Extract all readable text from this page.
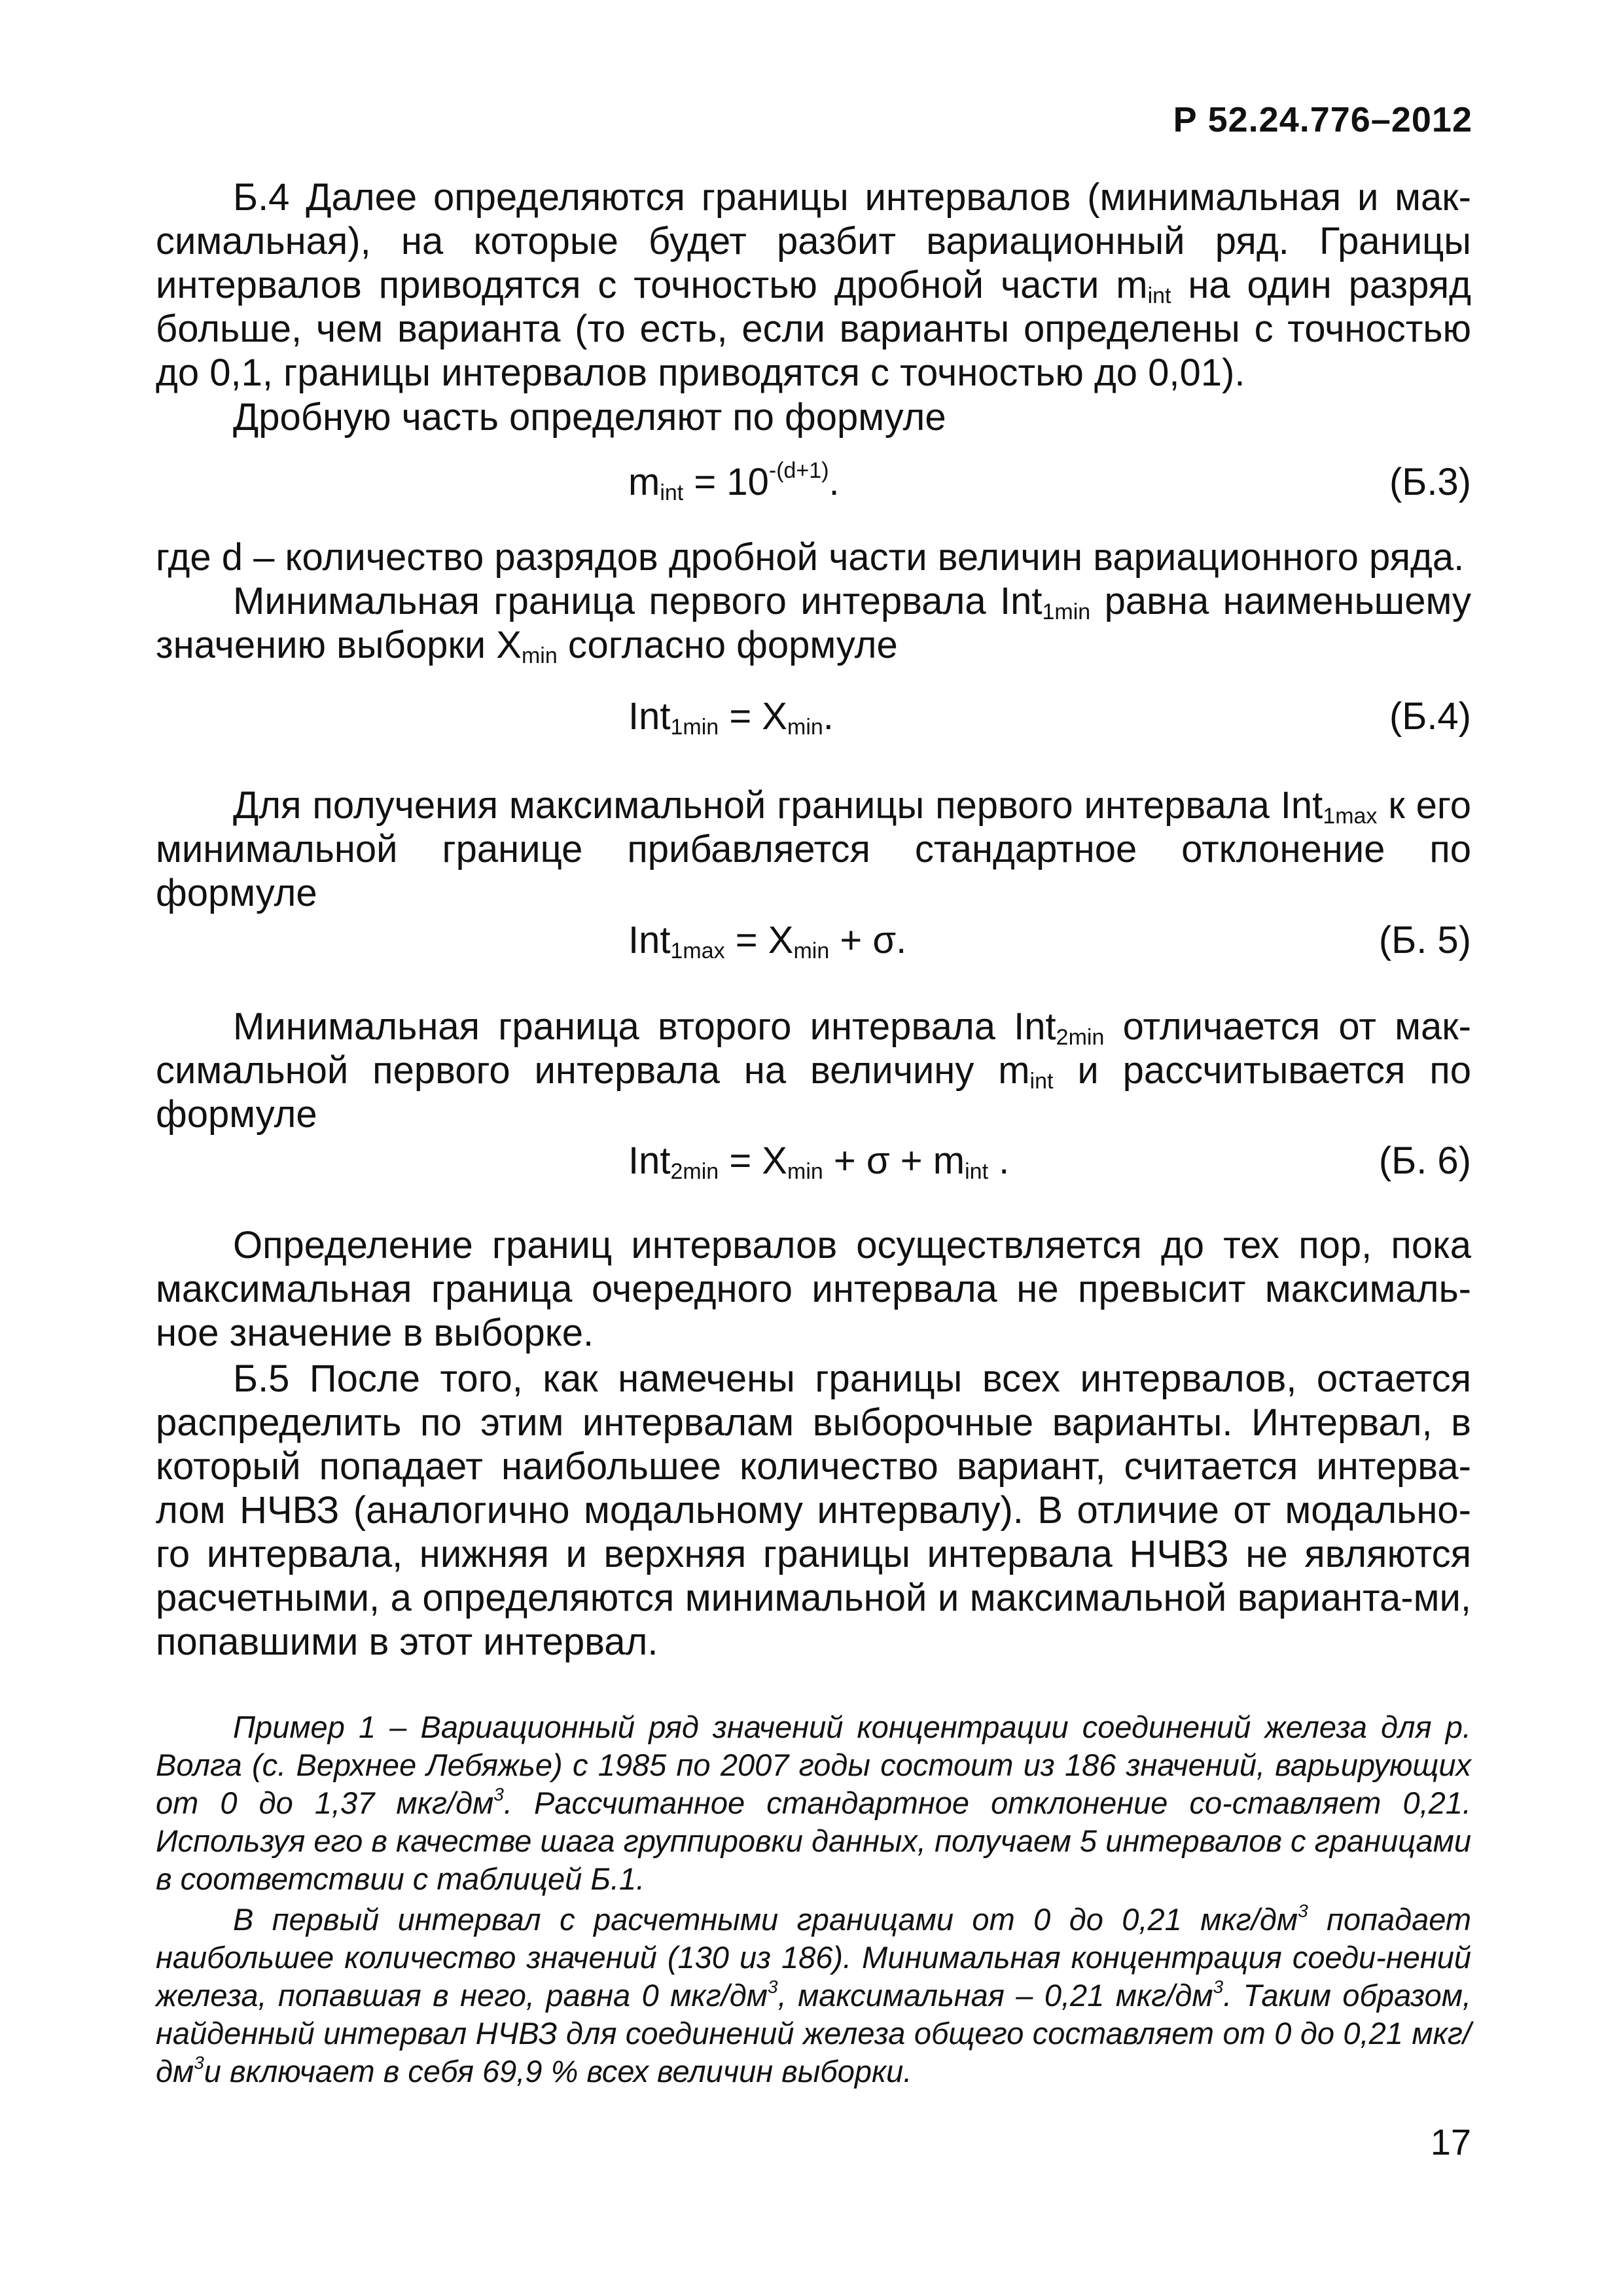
Р 52.24.776–2012
Б.4 Далее определяются границы интервалов (минимальная и мак-симальная), на которые будет разбит вариационный ряд. Границы интервалов приводятся с точностью дробной части $m_{int}$ на один разряд больше, чем варианта (то есть, если варианты определены с точностью до 0,1, границы интервалов приводятся с точностью до 0,01).
Дробную часть определяют по формуле
$m_{int} = 10^{-(d+1)}$.	(Б.3)
где d – количество разрядов дробной части величин вариационного ряда.
Минимальная граница первого интервала Int$_{1min}$ равна наименьшему значению выборки $X_{min}$ согласно формуле
$Int_{1min} = X_{min}$.	(Б.4)
Для получения максимальной границы первого интервала Int$_{1max}$ к его минимальной границе прибавляется стандартное отклонение по формуле
$Int_{1max} = X_{min} + \sigma$.	(Б. 5)
Минимальная граница второго интервала Int$_{2min}$ отличается от мак-симальной первого интервала на величину $m_{int}$ и рассчитывается по формуле
$Int_{2min} = X_{min} + \sigma + m_{int}$ .	(Б. 6)
Определение границ интервалов осуществляется до тех пор, пока максимальная граница очередного интервала не превысит максималь-ное значение в выборке.
Б.5 После того, как намечены границы всех интервалов, остается распределить по этим интервалам выборочные варианты. Интервал, в который попадает наибольшее количество вариант, считается интерва-лом НЧВЗ (аналогично модальному интервалу). В отличие от модально-го интервала, нижняя и верхняя границы интервала НЧВЗ не являются расчетными, а определяются минимальной и максимальной варианта-ми, попавшими в этот интервал.
Пример 1 – Вариационный ряд значений концентрации соединений железа для р. Волга (с. Верхнее Лебяжье) с 1985 по 2007 годы состоит из 186 значений, варьирующих от 0 до 1,37 мкг/$дм^3$. Рассчитанное стандартное отклонение со-ставляет 0,21. Используя его в качестве шага группировки данных, получаем 5 интервалов с границами в соответствии с таблицей Б.1.
В первый интервал с расчетными границами от 0 до 0,21 мкг/$дм^3$ попадает наибольшее количество значений (130 из 186). Минимальная концентрация соеди-нений железа, попавшая в него, равна 0 мкг/$дм^3$, максимальная – 0,21 мкг/$дм^3$. Таким образом, найденный интервал НЧВЗ для соединений железа общего составляет от 0 до 0,21 мкг/$дм^3и$ включает в себя 69,9 % всех величин выборки.
17
